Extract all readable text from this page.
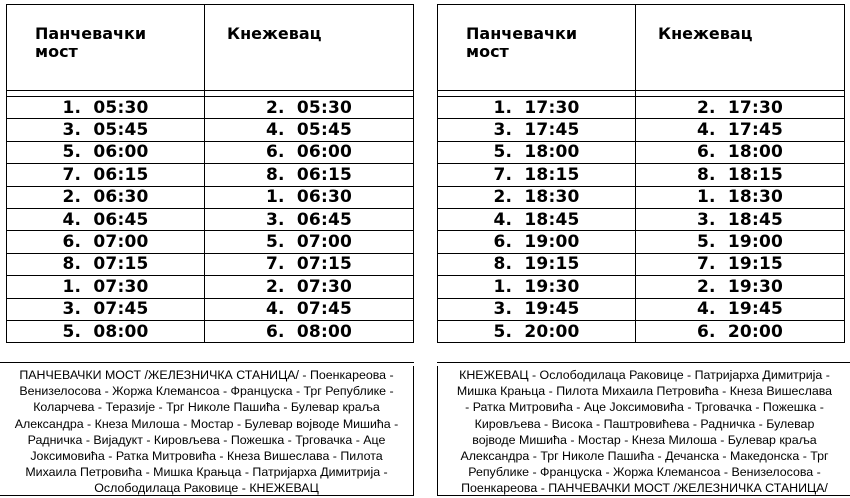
Панчевачки
мост	Кнежевац

1.  05:30	2.  05:30
3.  05:45	4.  05:45
5.  06:00	6.  06:00
7.  06:15	8.  06:15
2.  06:30	1.  06:30
4.  06:45	3.  06:45
6.  07:00	5.  07:00
8.  07:15	7.  07:15
1.  07:30	2.  07:30
3.  07:45	4.  07:45
5.  08:00	6.  08:00
Панчевачки
мост	Кнежевац

1.  17:30	2.  17:30
3.  17:45	4.  17:45
5.  18:00	6.  18:00
7.  18:15	8.  18:15
2.  18:30	1.  18:30
4.  18:45	3.  18:45
6.  19:00	5.  19:00
8.  19:15	7.  19:15
1.  19:30	2.  19:30
3.  19:45	4.  19:45
5.  20:00	6.  20:00
ПАНЧЕВАЧКИ МОСТ /ЖЕЛЕЗНИЧКА СТАНИЦА/ - Поенкареова -
Венизелосова - Жоржа Клемансоа - Француска - Трг Републике -
Коларчева - Теразије - Трг Николе Пашића - Булевар краља
Александра - Кнеза Милоша - Мостар - Булевар војводе Мишића -
Радничка - Вијадукт - Кировљева - Пожешка - Трговачка - Аце
Јоксимовића - Ратка Митровића - Кнеза Вишеслава - Пилота
Михаила Петровића - Мишка Крањца - Патријарха Димитрија -
Ослободилаца Раковице - КНЕЖЕВАЦ
КНЕЖЕВАЦ - Ослободилаца Раковице - Патријарха Димитрија -
Мишка Крањца - Пилота Михаила Петровића - Кнеза Вишеслава
- Ратка Митровића - Аце Јоксимовића - Трговачка - Пожешка -
Кировљева - Висока - Паштровићева - Радничка - Булевар
војводе Мишића - Мостар - Кнеза Милоша - Булевар краља
Александра - Трг Николе Пашића - Дечанска - Македонска - Трг
Републике - Француска - Жоржа Клемансоа - Венизелосова -
Поенкареова - ПАНЧЕВАЧКИ МОСТ /ЖЕЛЕЗНИЧКА СТАНИЦА/
